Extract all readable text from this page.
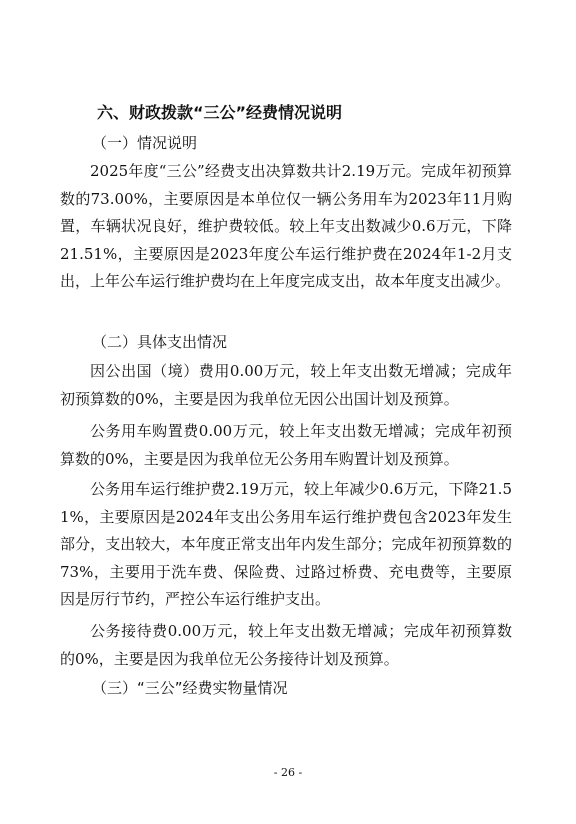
六、财政拨款“三公”经费情况说明
（一）情况说明
2025年度“三公”经费支出决算数共计2.19万元。完成年初预算数的73.00%，主要原因是本单位仅一辆公务用车为2023年11月购置，车辆状况良好，维护费较低。较上年支出数减少0.6万元，下降21.51%，主要原因是2023年度公车运行维护费在2024年1-2月支出，上年公车运行维护费均在上年度完成支出，故本年度支出减少。
（二）具体支出情况
因公出国（境）费用0.00万元，较上年支出数无增减；完成年初预算数的0%，主要是因为我单位无因公出国计划及预算。
公务用车购置费0.00万元，较上年支出数无增减；完成年初预算数的0%，主要是因为我单位无公务用车购置计划及预算。
公务用车运行维护费2.19万元，较上年减少0.6万元，下降21.51%，主要原因是2024年支出公务用车运行维护费包含2023年发生部分，支出较大，本年度正常支出年内发生部分；完成年初预算数的73%，主要用于洗车费、保险费、过路过桥费、充电费等，主要原因是厉行节约，严控公车运行维护支出。
公务接待费0.00万元，较上年支出数无增减；完成年初预算数的0%，主要是因为我单位无公务接待计划及预算。
（三）“三公”经费实物量情况
- 26 -
